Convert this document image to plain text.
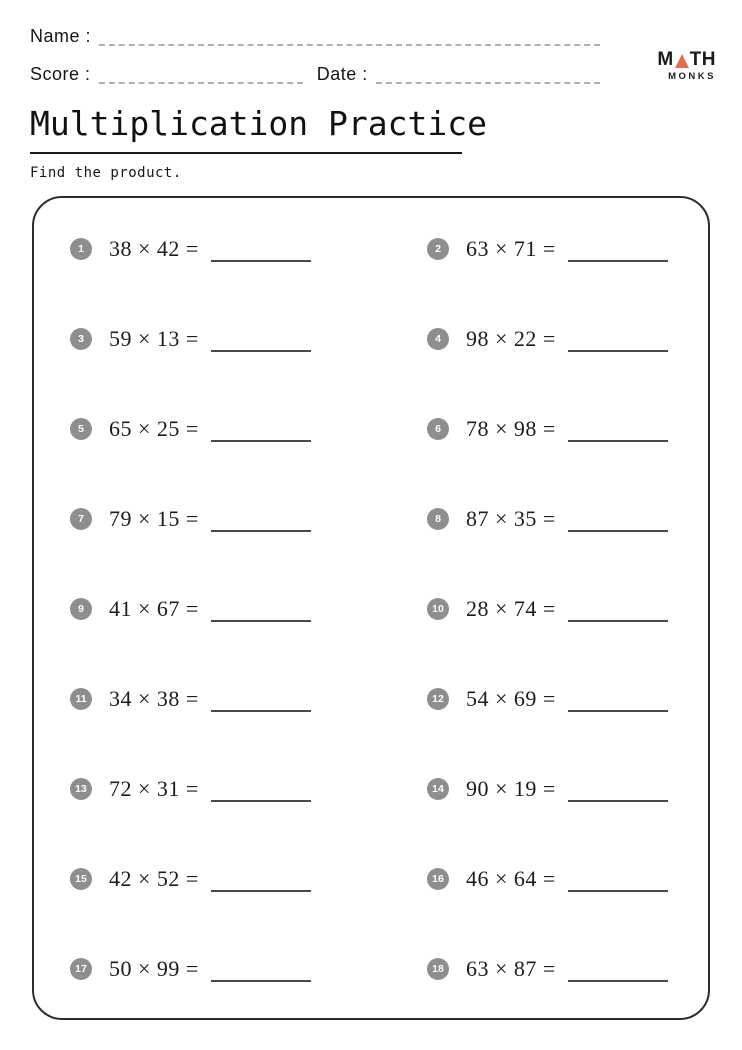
Name :
Score :	Date :
M TH
MONKS
Multiplication Practice
Find the product.
1	38 × 42 =	2	63 × 71 =
3	59 × 13 =	4	98 × 22 =
5	65 × 25 =	6	78 × 98 =
7	79 × 15 =	8	87 × 35 =
9	41 × 67 =	10 28 × 74 =
11 34 × 38 =	12 54 × 69 =
13 72 × 31 =	14 90 × 19 =
15 42 × 52 =	16 46 × 64 =
17 50 × 99 =	18 63 × 87 =
